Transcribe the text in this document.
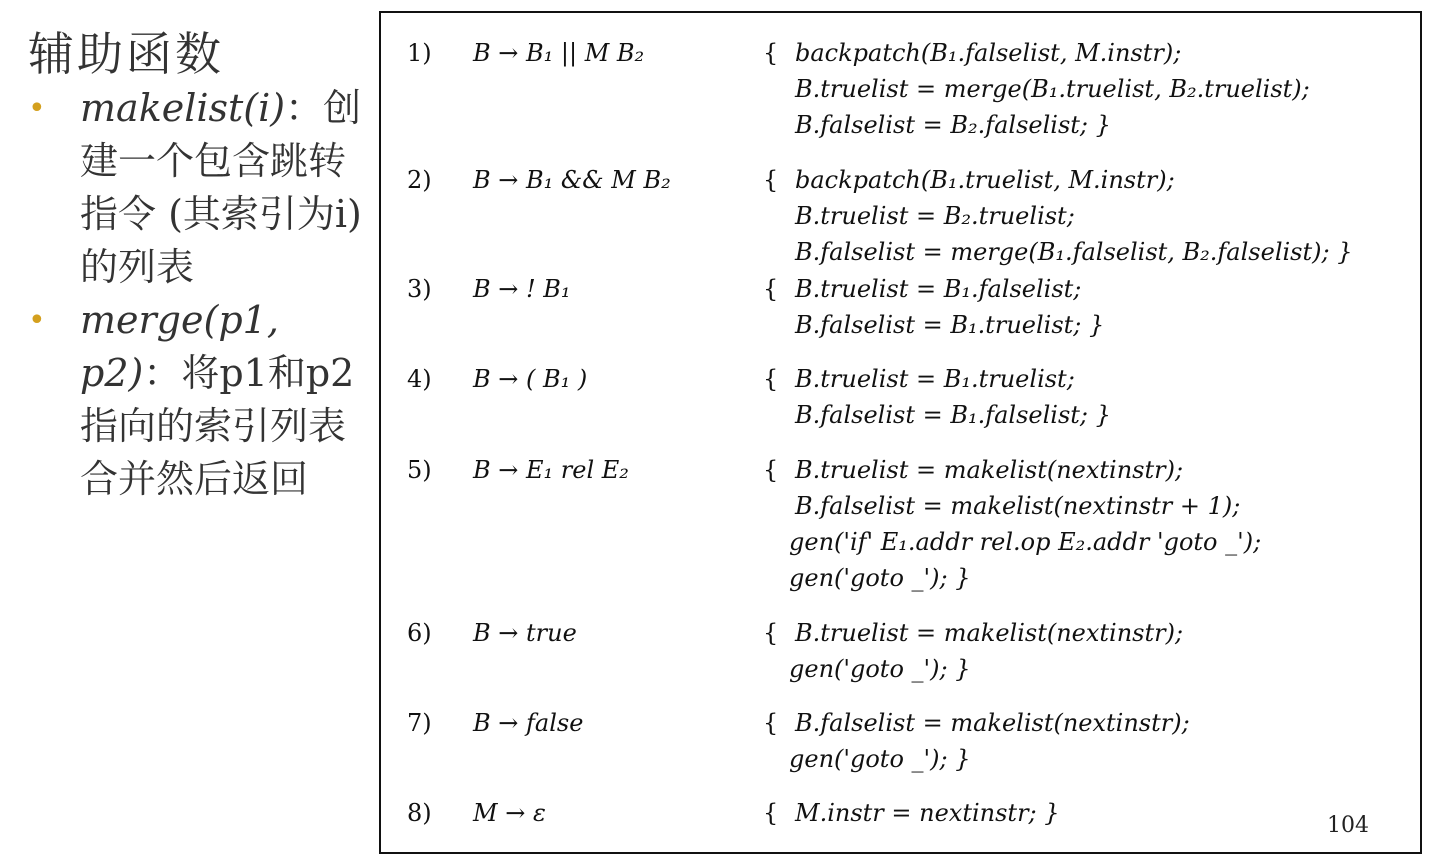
辅助函数
• makelist(i)：创建一个包含跳转指令 (其索引为i) 的列表
• merge(p1, p2)：将p1和p2指向的索引列表合并然后返回
1) B → B₁ || M B₂	{ backpatch(B₁.falselist, M.instr);
B.truelist = merge(B₁.truelist, B₂.truelist);
B.falselist = B₂.falselist; }
2) B → B₁ && M B₂	{ backpatch(B₁.truelist, M.instr);
B.truelist = B₂.truelist;
B.falselist = merge(B₁.falselist, B₂.falselist); }
3) B → ! B₁	{ B.truelist = B₁.falselist;
B.falselist = B₁.truelist; }
4) B → ( B₁ )	{ B.truelist = B₁.truelist;
B.falselist = B₁.falselist; }
5) B → E₁ rel E₂	{ B.truelist = makelist(nextinstr);
B.falselist = makelist(nextinstr + 1);
gen('if' E₁.addr rel.op E₂.addr 'goto _');
gen('goto _'); }
6) B → true	{ B.truelist = makelist(nextinstr);
gen('goto _'); }
7) B → false	{ B.falselist = makelist(nextinstr);
gen('goto _'); }
8) M → ε	{ M.instr = nextinstr; }	104
